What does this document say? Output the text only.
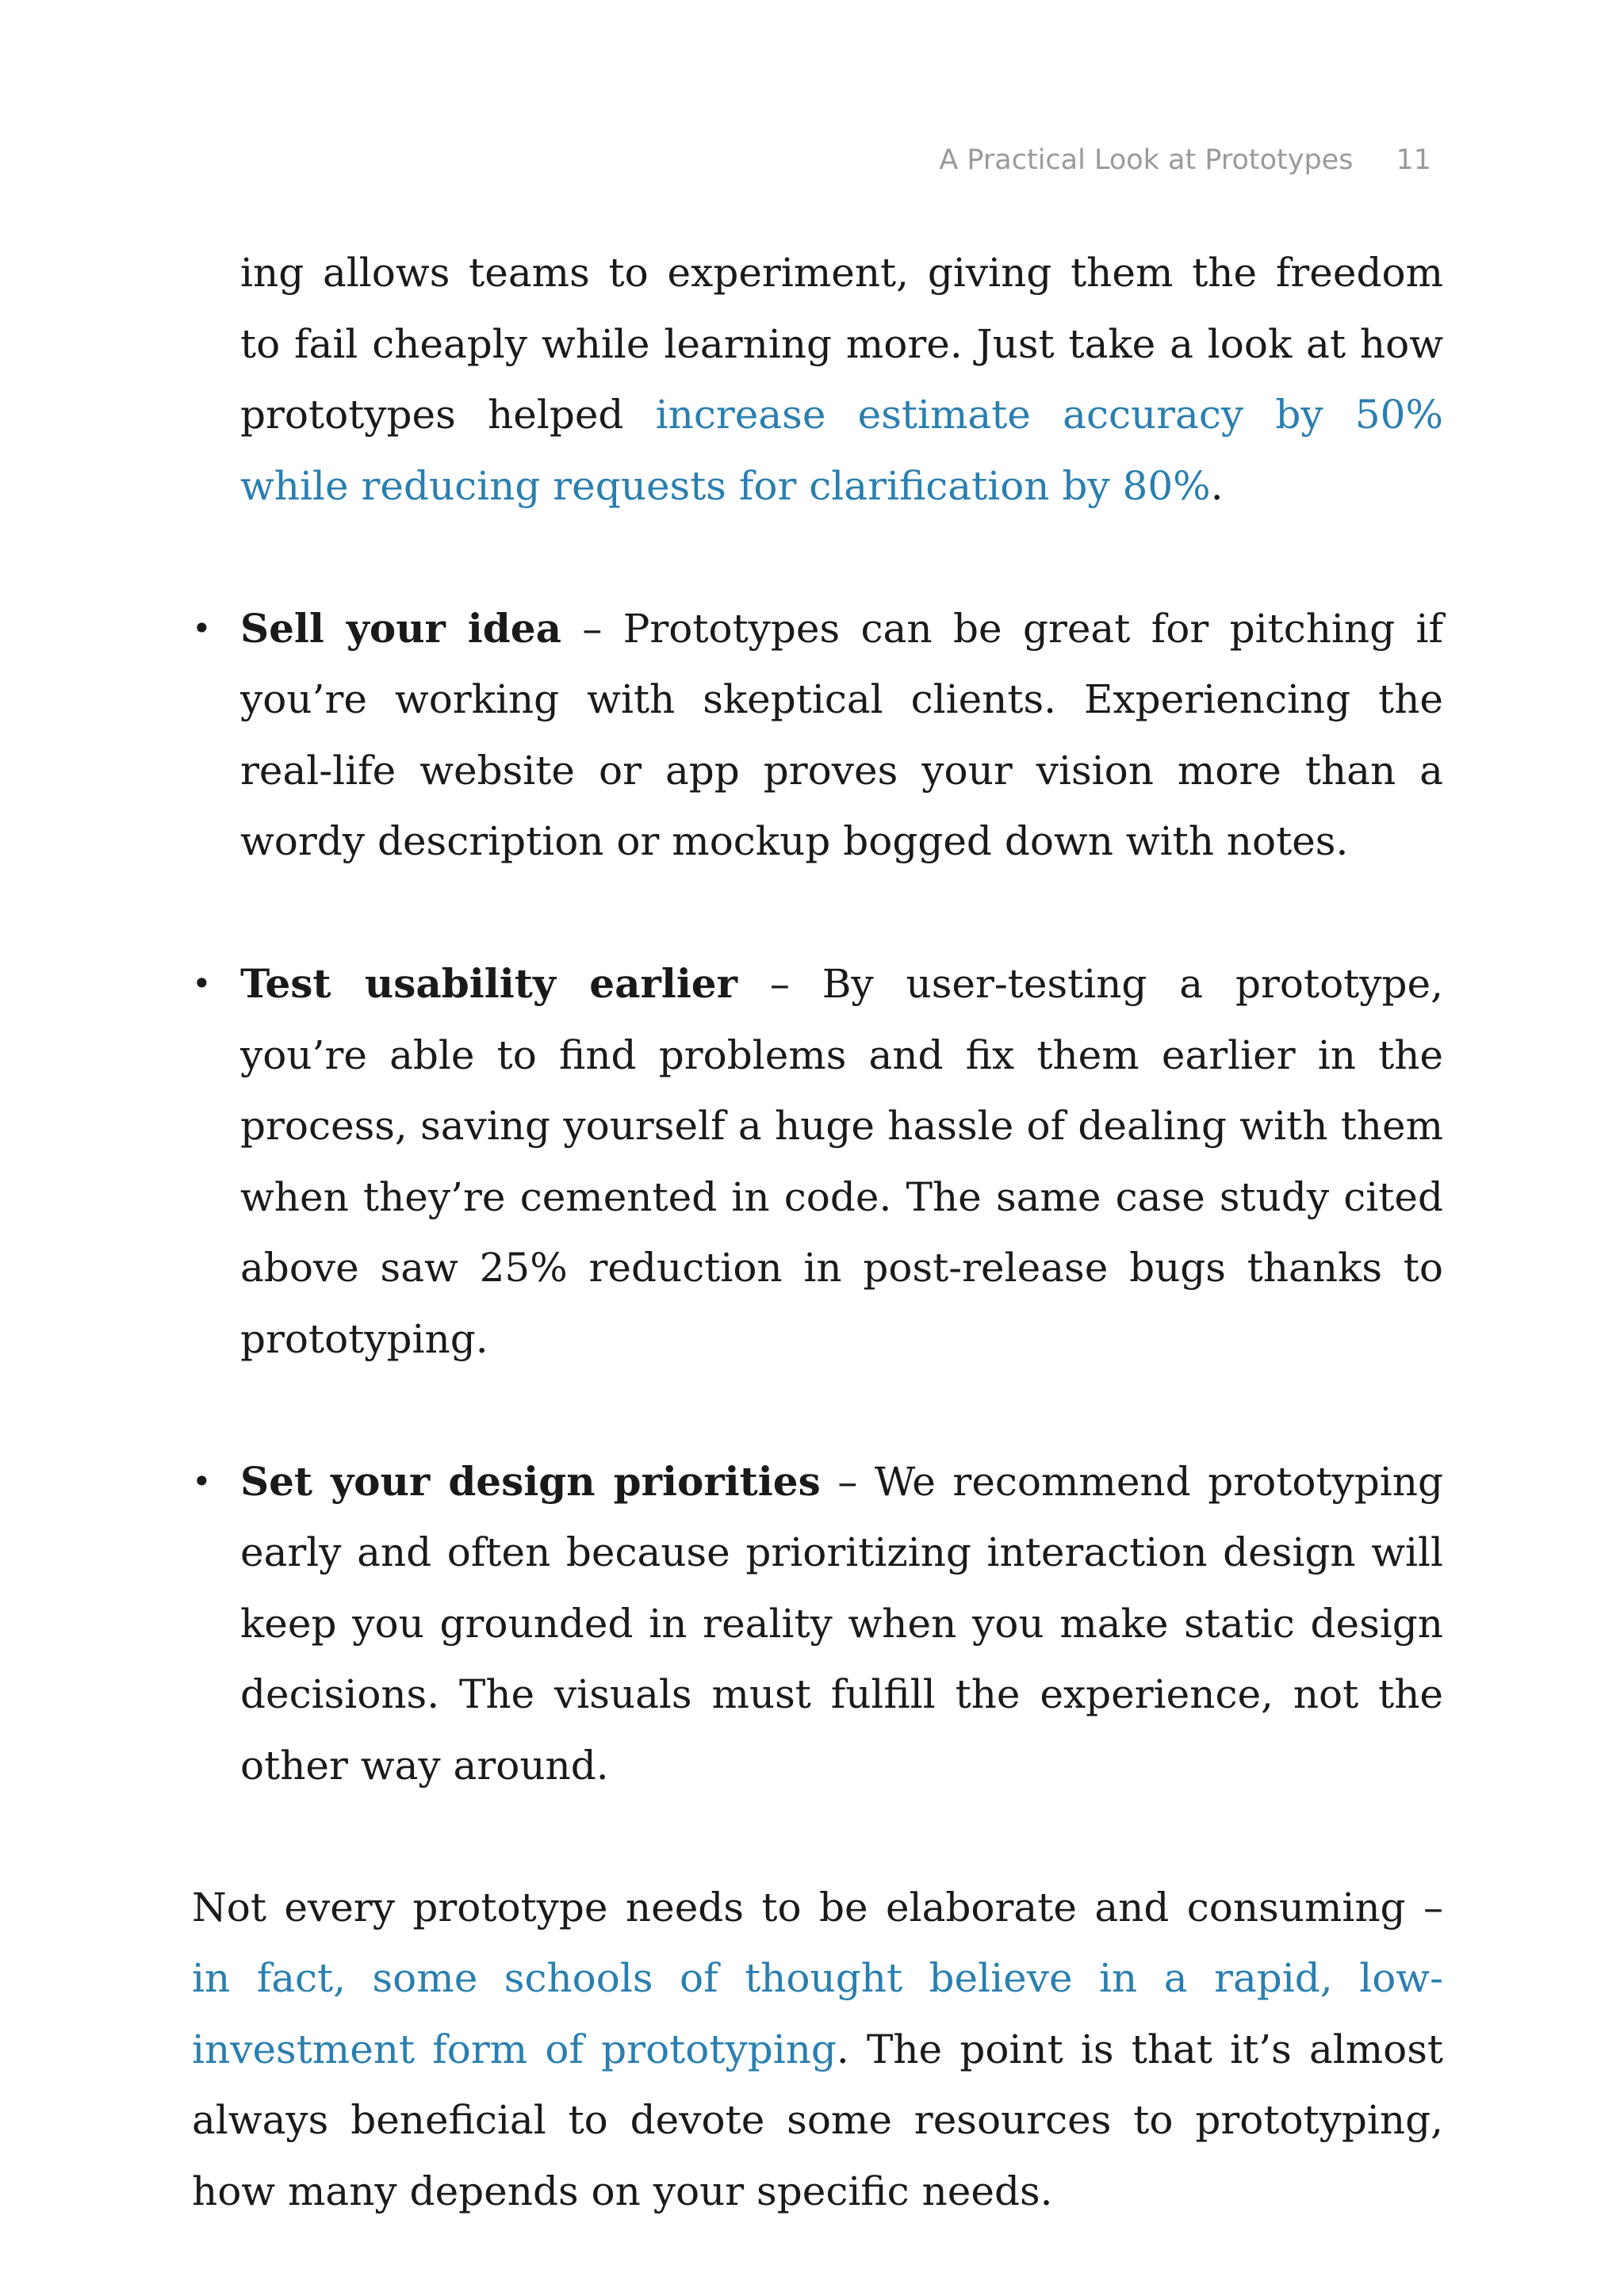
A Practical Look at Prototypes 11

ing allows teams to experiment, giving them the freedom to fail cheaply while learning more. Just take a look at how prototypes helped increase estimate accuracy by 50% while reducing requests for clarification by 80%.

• Sell your idea – Prototypes can be great for pitching if you’re working with skeptical clients. Experiencing the real-life website or app proves your vision more than a wordy description or mockup bogged down with notes.

• Test usability earlier – By user-testing a prototype, you’re able to find problems and fix them earlier in the process, saving yourself a huge hassle of dealing with them when they’re cemented in code. The same case study cited above saw 25% reduction in post-release bugs thanks to prototyping.

• Set your design priorities – We recommend prototyping early and often because prioritizing interaction design will keep you grounded in reality when you make static design decisions. The visuals must fulfill the experience, not the other way around.

Not every prototype needs to be elaborate and consuming – in fact, some schools of thought believe in a rapid, low-investment form of prototyping. The point is that it’s almost always beneficial to devote some resources to prototyping, how many depends on your specific needs.
